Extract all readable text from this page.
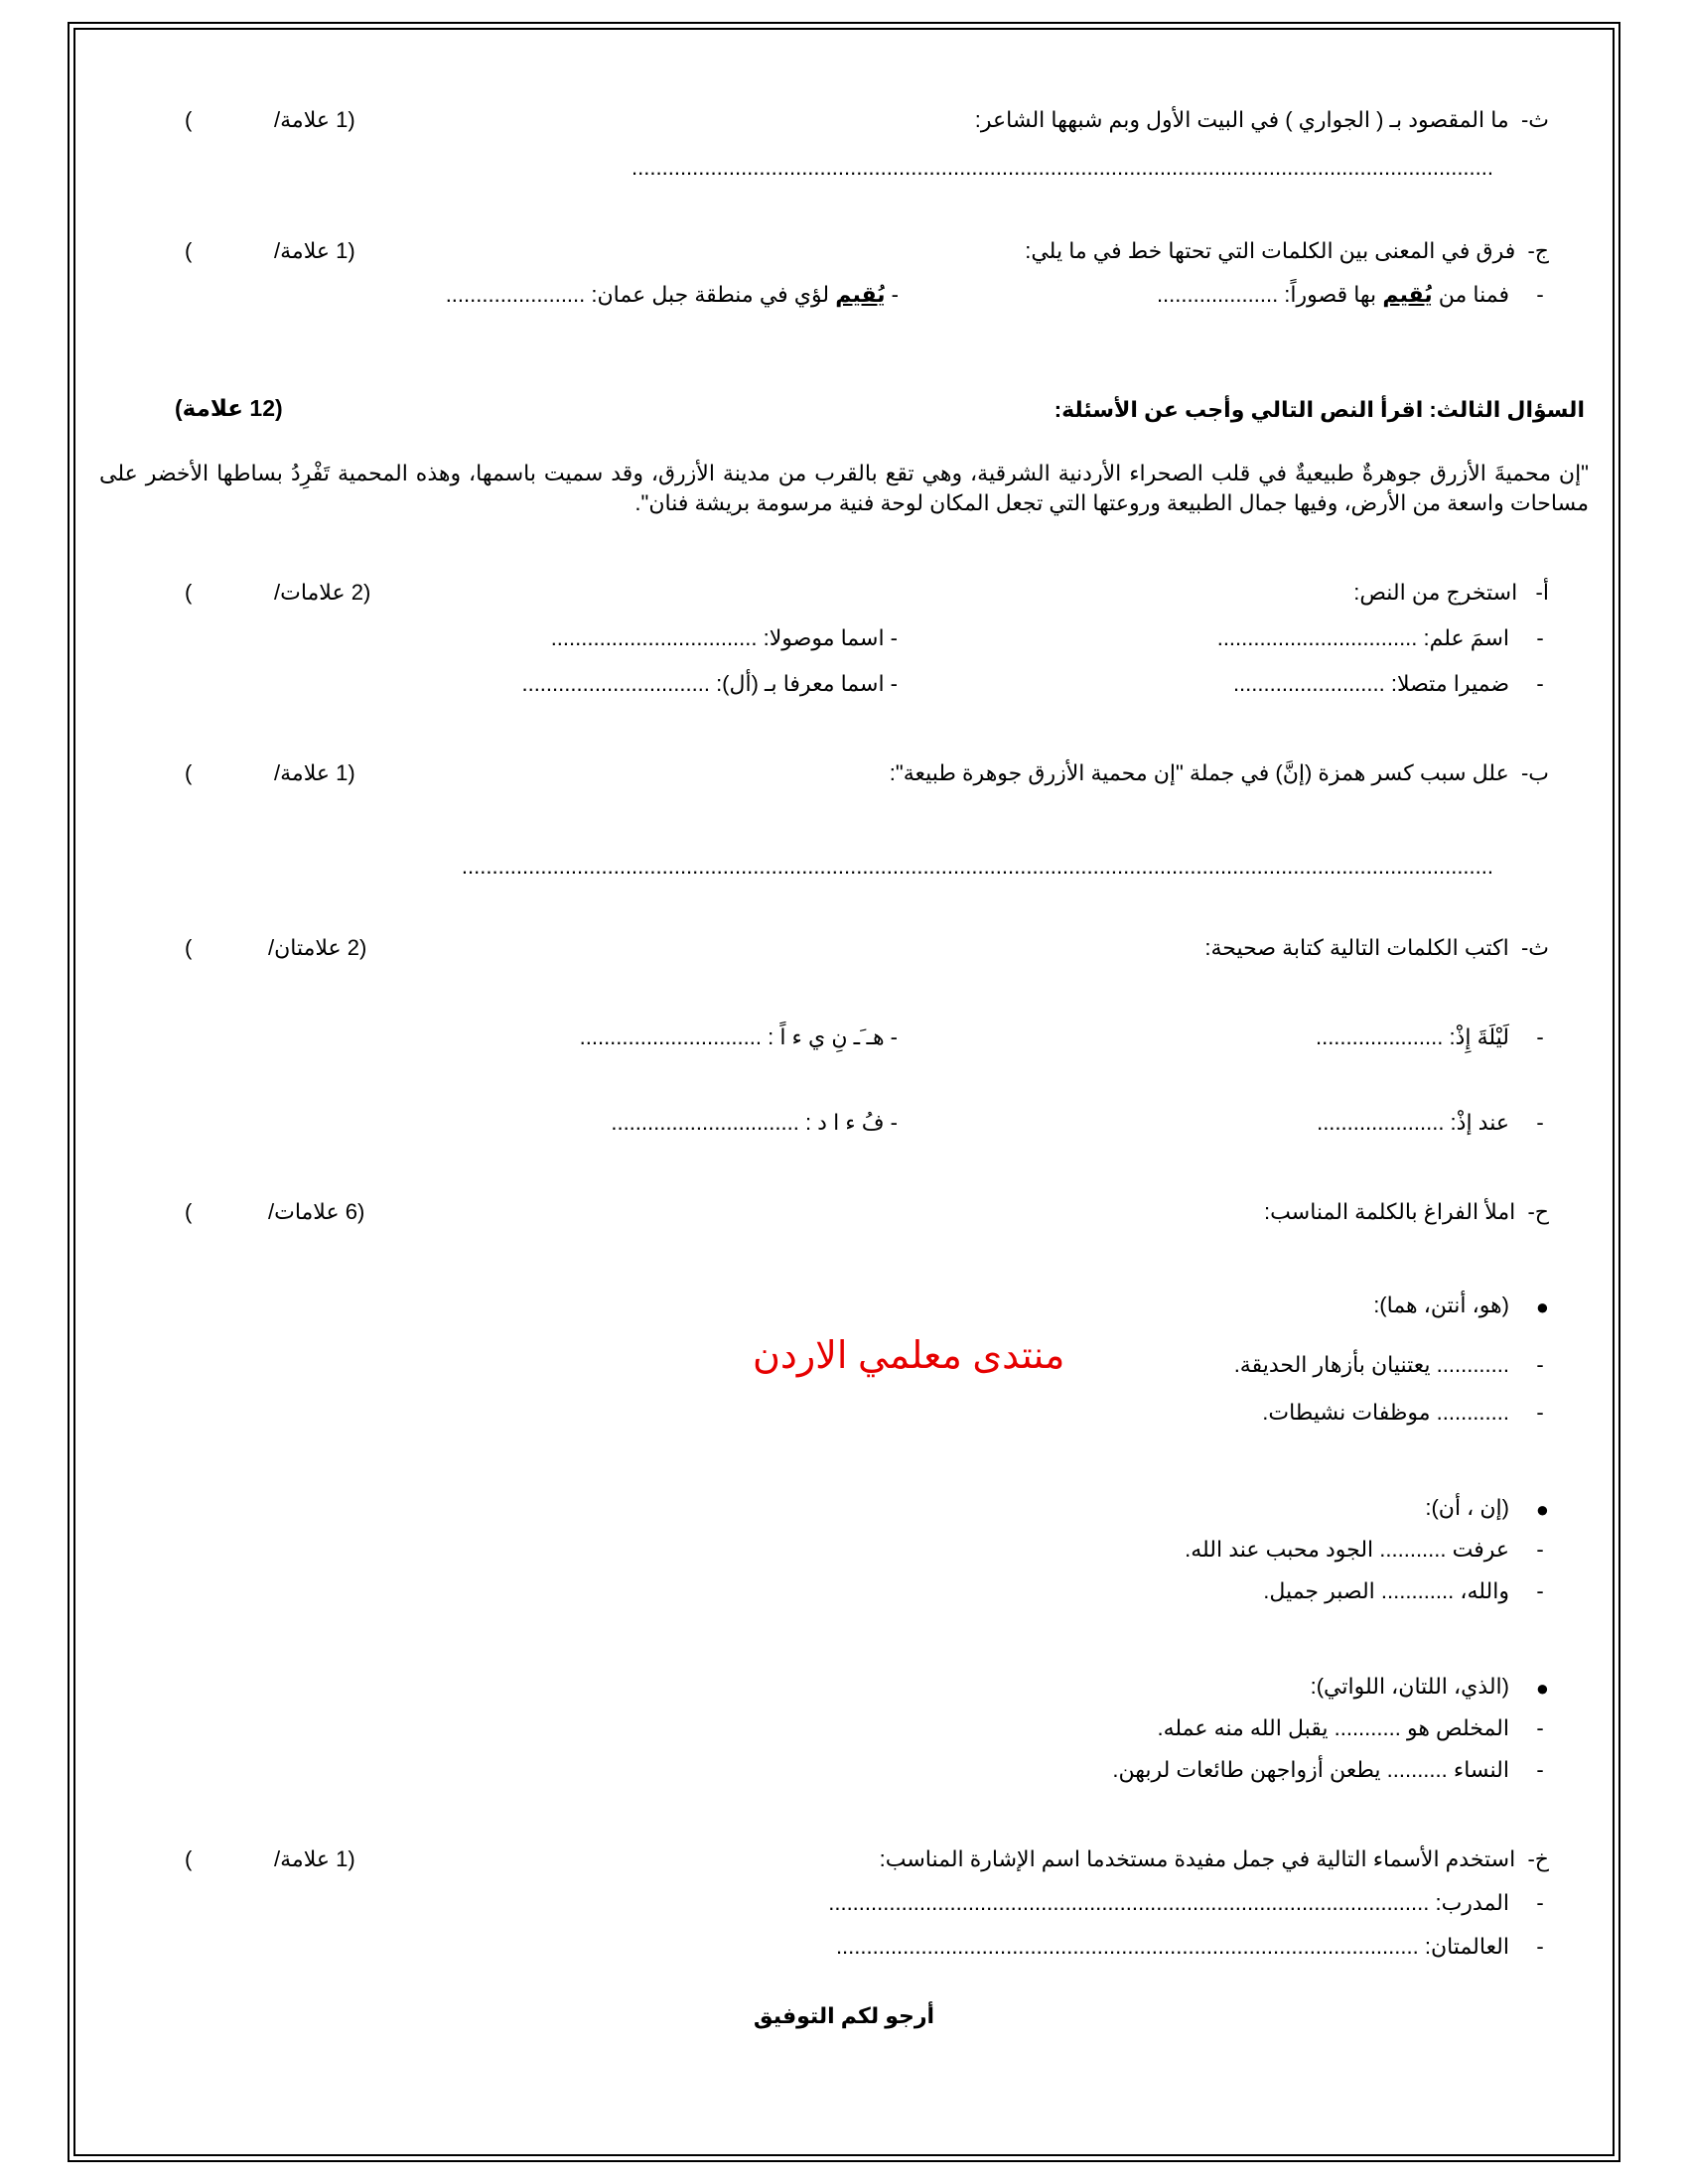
ث-  ما المقصود بـ ( الجواري ) في البيت الأول وبم شبهها الشاعر:
(1 علامة/
)
..............................................................................................................................................
ج-  فرق في المعنى بين الكلمات التي تحتها خط في ما يلي:
(1 علامة/
)
-
فمنا من يُقيم بها قصوراً: ....................
- يُقيم لؤي في منطقة جبل عمان: .......................
السؤال الثالث: اقرأ النص التالي وأجب عن الأسئلة:
(12 علامة)
"إن محميةَ الأزرق جوهرةٌ طبيعيةٌ في قلب الصحراء الأردنية الشرقية، وهي تقع بالقرب من مدينة الأزرق، وقد سميت باسمها، وهذه المحمية تَفْرِدُ بساطها الأخضر على مساحات واسعة من الأرض، وفيها جمال الطبيعة وروعتها التي تجعل المكان لوحة فنية مرسومة بريشة فنان".
أ-   استخرج من النص:
(2 علامات/
)
-
اسمَ علم: .................................
- اسما موصولا: ..................................
-
ضميرا متصلا: .........................
- اسما معرفا بـ (أل): ...............................
ب-  علل سبب كسر همزة (إنَّ) في جملة "إن محمية الأزرق جوهرة طبيعة":
(1 علامة/
)
..........................................................................................................................................................................
ث-  اكتب الكلمات التالية كتابة صحيحة:
(2 علامتان/
)
-
لَيْلَةَ إِذْ: .....................
- هـ َـ نِ ي ء اً : ..............................
-
عند إذْ: .....................
- فُ ء ا د : ...............................
ح-  املأ الفراغ بالكلمة المناسب:
(6 علامات/
)
●
(هو، أنتن، هما):
-
............ يعتنيان بأزهار الحديقة.
منتدى معلمي الاردن
-
............ موظفات نشيطات.
●
(إن ، أن):
-
عرفت ........... الجود محبب عند الله.
-
والله، ............ الصبر جميل.
●
(الذي، اللتان، اللواتي):
-
المخلص هو ........... يقبل الله منه عمله.
-
النساء .......... يطعن أزواجهن طائعات لربهن.
خ-  استخدم الأسماء التالية في جمل مفيدة مستخدما اسم الإشارة المناسب:
(1 علامة/
)
-
المدرب: ...................................................................................................
-
العالمتان: ................................................................................................
أرجو لكم التوفيق
